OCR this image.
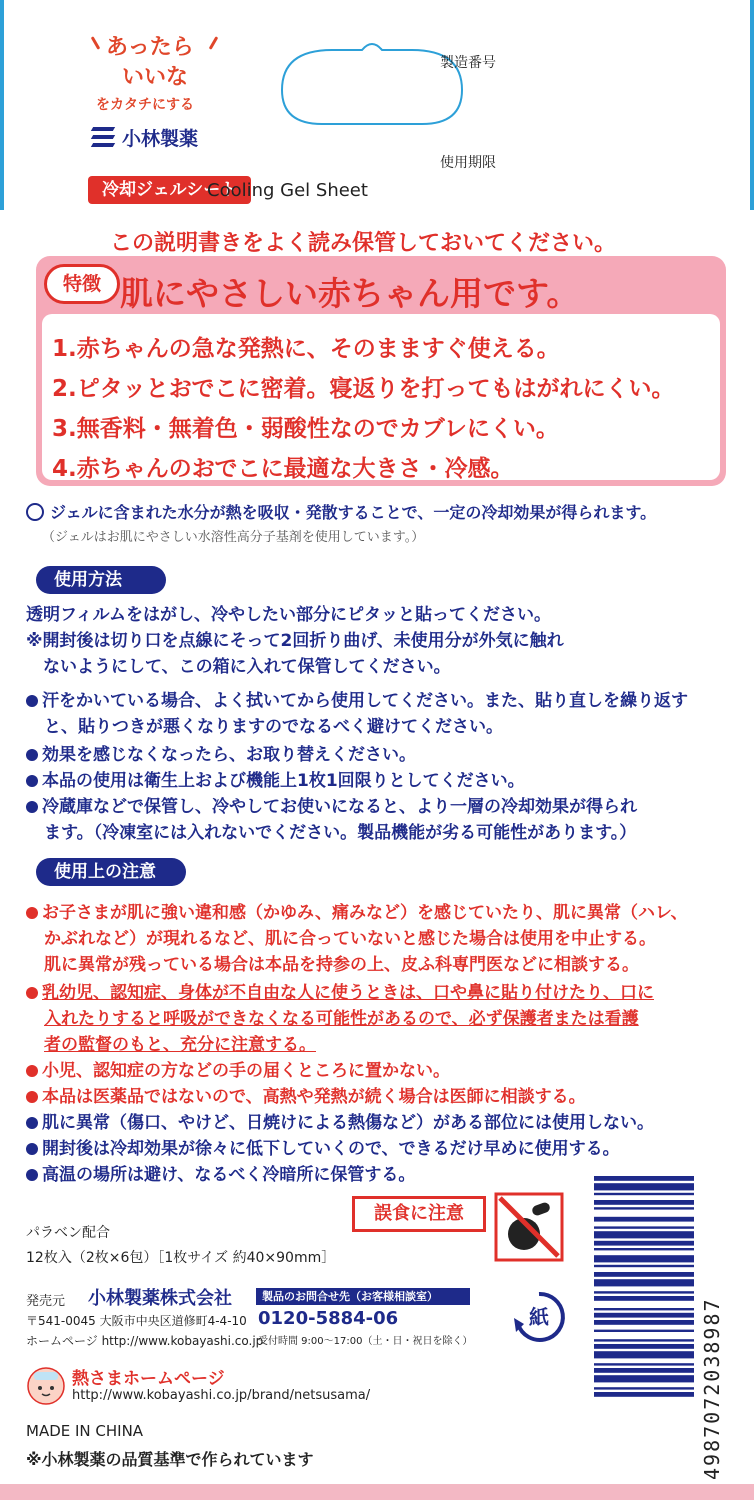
あったら
いいな
をカタチにする
小林製薬
製造番号
使用期限
冷却ジェルシート
Cooling Gel Sheet
この説明書きをよく読み保管しておいてください。
特徴 肌にやさしい赤ちゃん用です。
1.赤ちゃんの急な発熱に、そのまますぐ使える。
2.ピタッとおでこに密着。寝返りを打ってもはがれにくい。
3.無香料・無着色・弱酸性なのでカブレにくい。
4.赤ちゃんのおでこに最適な大きさ・冷感。
ジェルに含まれた水分が熱を吸収・発散することで、一定の冷却効果が得られます。
（ジェルはお肌にやさしい水溶性高分子基剤を使用しています。）
使用方法
透明フィルムをはがし、冷やしたい部分にピタッと貼ってください。
※開封後は切り口を点線にそって2回折り曲げ、未使用分が外気に触れ
　ないようにして、この箱に入れて保管してください。
汗をかいている場合、よく拭いてから使用してください。また、貼り直しを繰り返す
と、貼りつきが悪くなりますのでなるべく避けてください。
効果を感じなくなったら、お取り替えください。
本品の使用は衛生上および機能上1枚1回限りとしてください。
冷蔵庫などで保管し、冷やしてお使いになると、より一層の冷却効果が得られ
ます。（冷凍室には入れないでください。製品機能が劣る可能性があります。）
使用上の注意
お子さまが肌に強い違和感（かゆみ、痛みなど）を感じていたり、肌に異常（ハレ、
かぶれなど）が現れるなど、肌に合っていないと感じた場合は使用を中止する。
肌に異常が残っている場合は本品を持参の上、皮ふ科専門医などに相談する。
乳幼児、認知症、身体が不自由な人に使うときは、口や鼻に貼り付けたり、口に
入れたりすると呼吸ができなくなる可能性があるので、必ず保護者または看護
者の監督のもと、充分に注意する。
小児、認知症の方などの手の届くところに置かない。
本品は医薬品ではないので、高熱や発熱が続く場合は医師に相談する。
肌に異常（傷口、やけど、日焼けによる熱傷など）がある部位には使用しない。
開封後は冷却効果が徐々に低下していくので、できるだけ早めに使用する。
高温の場所は避け、なるべく冷暗所に保管する。
誤食に注意
パラベン配合
12枚入（2枚×6包）［1枚サイズ 約40×90mm］
発売元 小林製薬株式会社
〒541-0045 大阪市中央区道修町4-4-10
ホームページ http://www.kobayashi.co.jp
製品のお問合せ先（お客様相談室）
0120-5884-06
受付時間 9:00～17:00（土・日・祝日を除く）
紙
熱さまホームページ
http://www.kobayashi.co.jp/brand/netsusama/
MADE IN CHINA
※小林製薬の品質基準で作られています	4987072038987
